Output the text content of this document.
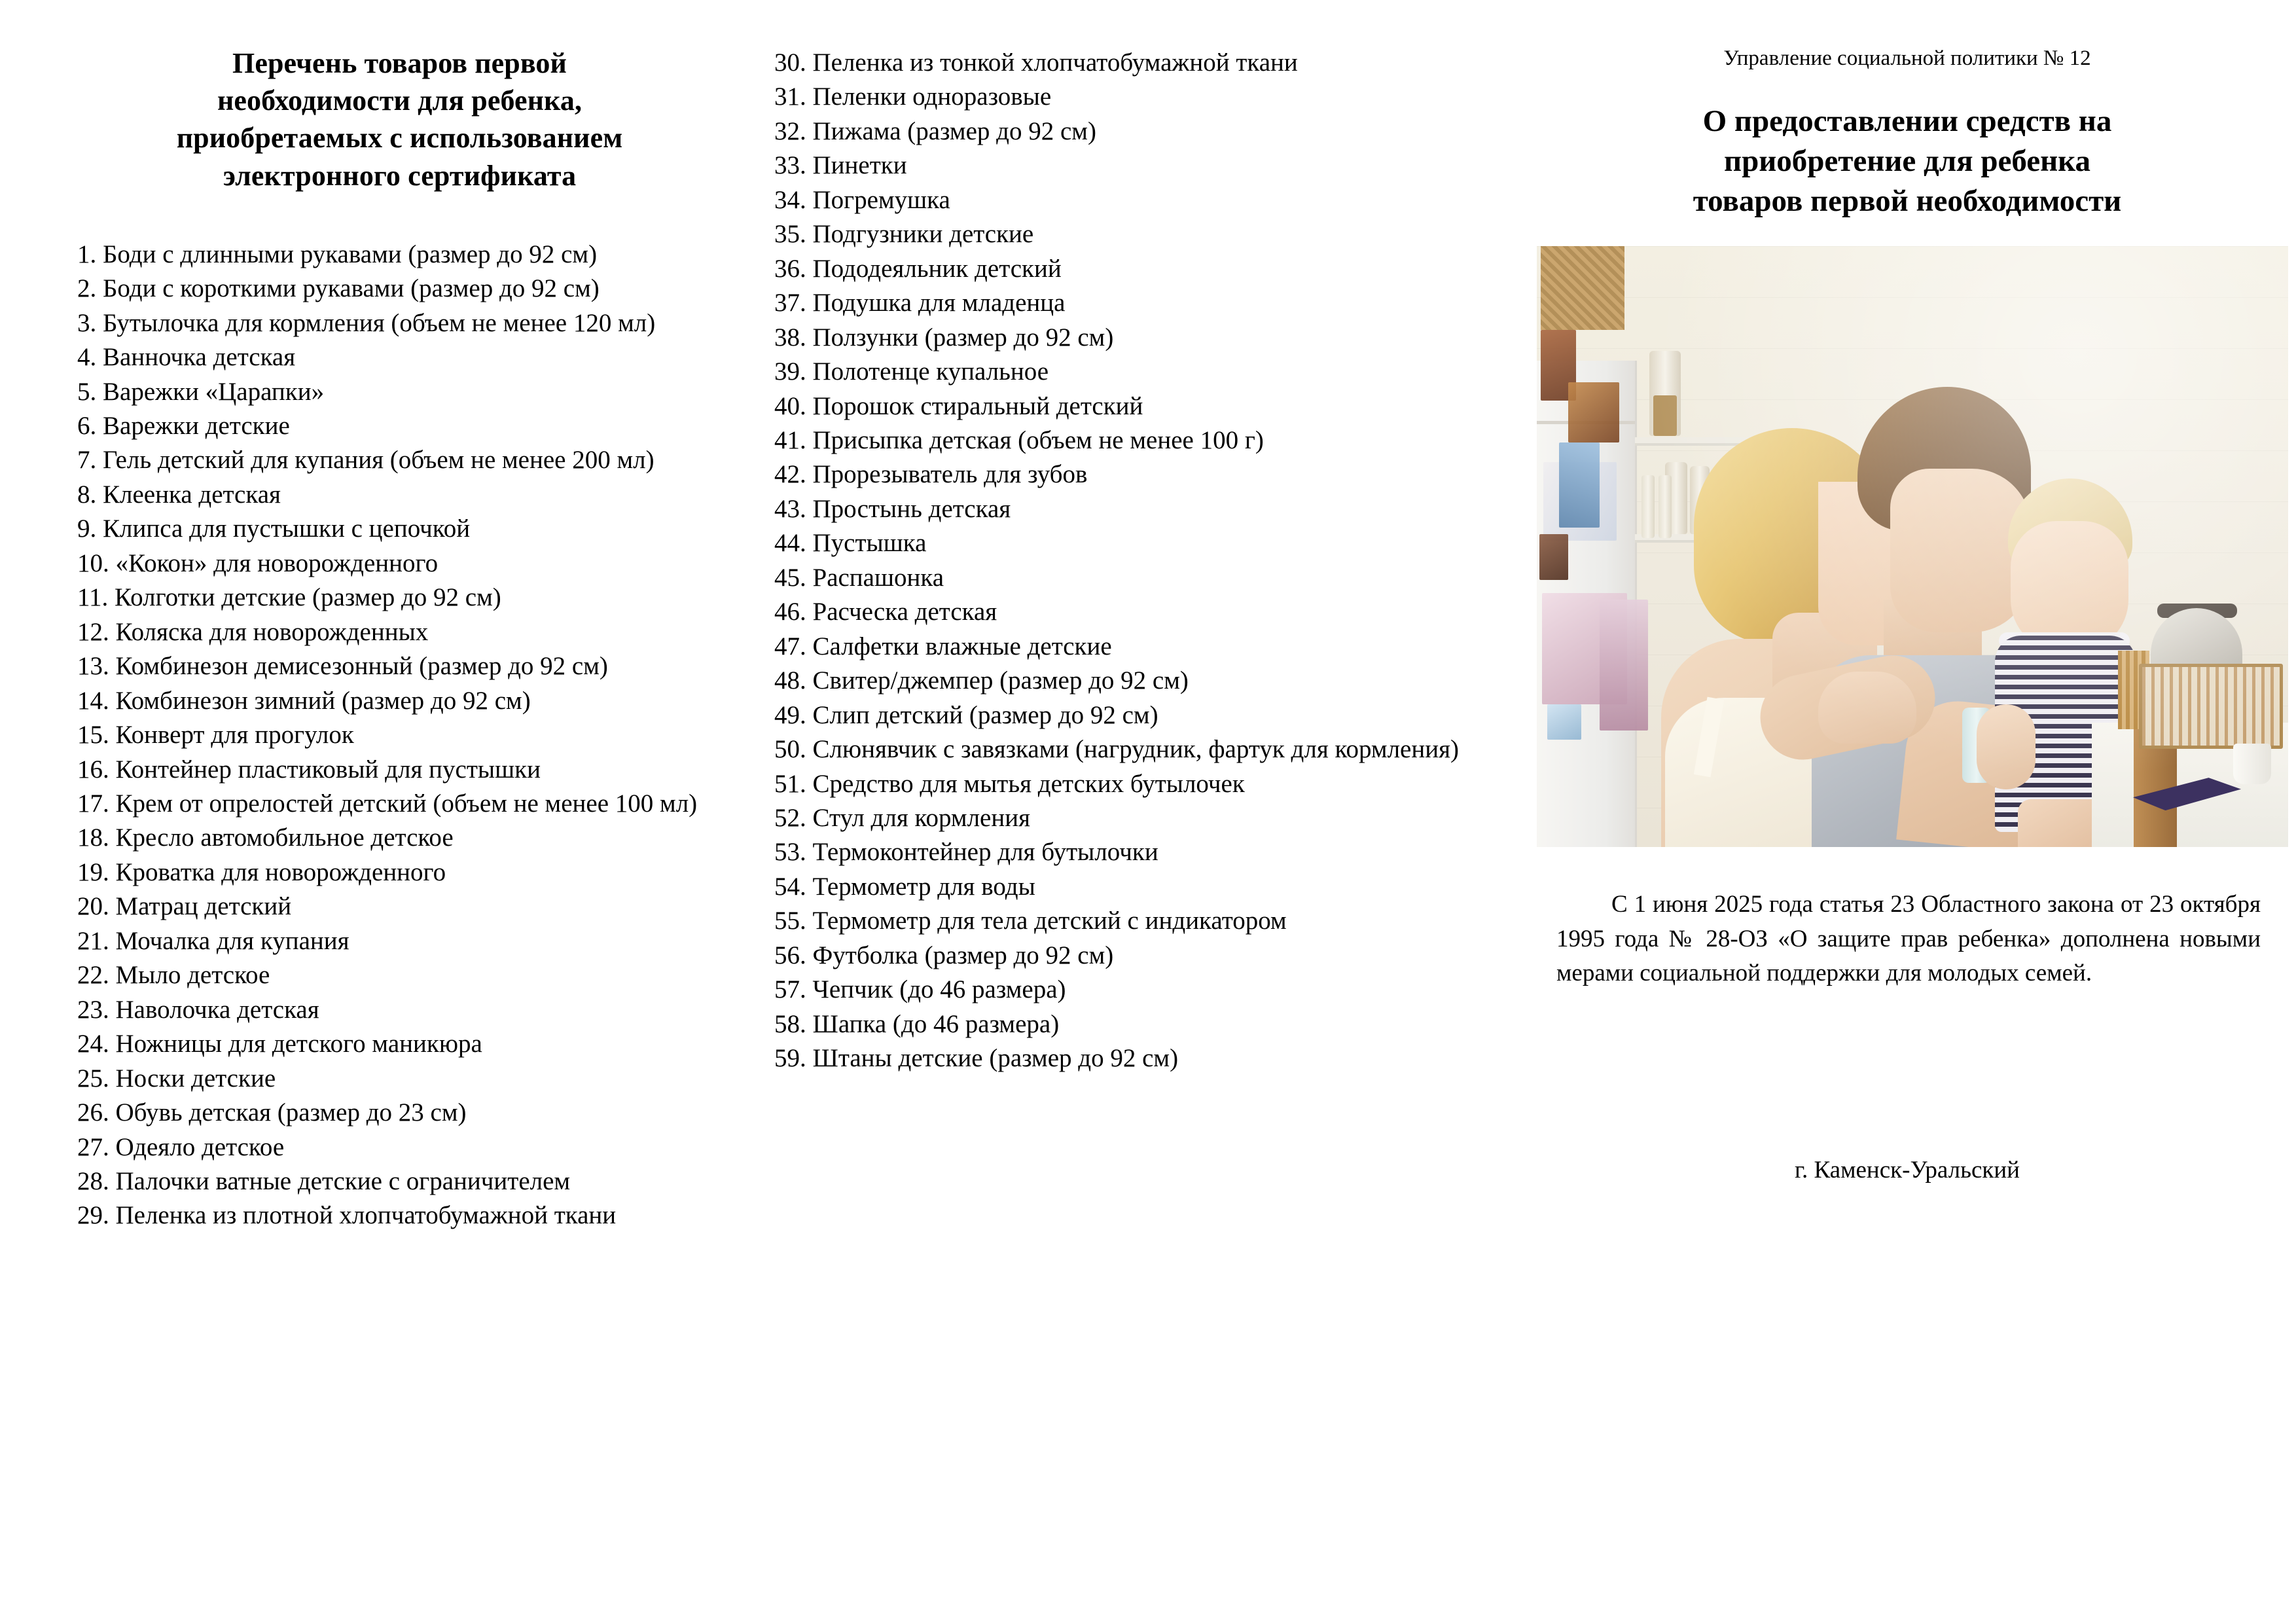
Перечень товаров первой
необходимости для ребенка,
приобретаемых с использованием
электронного сертификата
1. Боди с длинными рукавами (размер до 92 см)
2. Боди с короткими рукавами (размер до 92 см)
3. Бутылочка для кормления (объем не менее 120 мл)
4. Ванночка детская
5. Варежки «Царапки»
6. Варежки детские
7. Гель детский для купания (объем не менее 200 мл)
8. Клеенка детская
9. Клипса для пустышки с цепочкой
10. «Кокон» для новорожденного
11. Колготки детские (размер до 92 см)
12. Коляска для новорожденных
13. Комбинезон демисезонный (размер до 92 см)
14. Комбинезон зимний (размер до 92 см)
15. Конверт для прогулок
16. Контейнер пластиковый для пустышки
17. Крем от опрелостей детский (объем не менее 100 мл)
18. Кресло автомобильное детское
19. Кроватка для новорожденного
20. Матрац детский
21. Мочалка для купания
22. Мыло детское
23. Наволочка детская
24. Ножницы для детского маникюра
25. Носки детские
26. Обувь детская (размер до 23 см)
27. Одеяло детское
28. Палочки ватные детские с ограничителем
29. Пеленка из плотной хлопчатобумажной ткани
30. Пеленка из тонкой хлопчатобумажной ткани
31. Пеленки одноразовые
32. Пижама (размер до 92 см)
33. Пинетки
34. Погремушка
35. Подгузники детские
36. Пододеяльник детский
37. Подушка для младенца
38. Ползунки (размер до 92 см)
39. Полотенце купальное
40. Порошок стиральный детский
41. Присыпка детская (объем не менее 100 г)
42. Прорезыватель для зубов
43. Простынь детская
44. Пустышка
45. Распашонка
46. Расческа детская
47. Салфетки влажные детские
48. Свитер/джемпер (размер до 92 см)
49. Слип детский (размер до 92 см)
50. Слюнявчик с завязками (нагрудник, фартук для кормления)
51. Средство для мытья детских бутылочек
52. Стул для кормления
53. Термоконтейнер для бутылочки
54. Термометр для воды
55. Термометр для тела детский с индикатором
56. Футболка (размер до 92 см)
57. Чепчик (до 46 размера)
58. Шапка (до 46 размера)
59. Штаны детские (размер до 92 см)
Управление социальной политики № 12
О предоставлении средств на
приобретение для ребенка
товаров первой необходимости
С 1 июня 2025 года статья 23 Областного закона от 23 октября 1995 года № 28-ОЗ «О защите прав ребенка» дополнена новыми мерами социальной поддержки для молодых семей.
г. Каменск-Уральский
